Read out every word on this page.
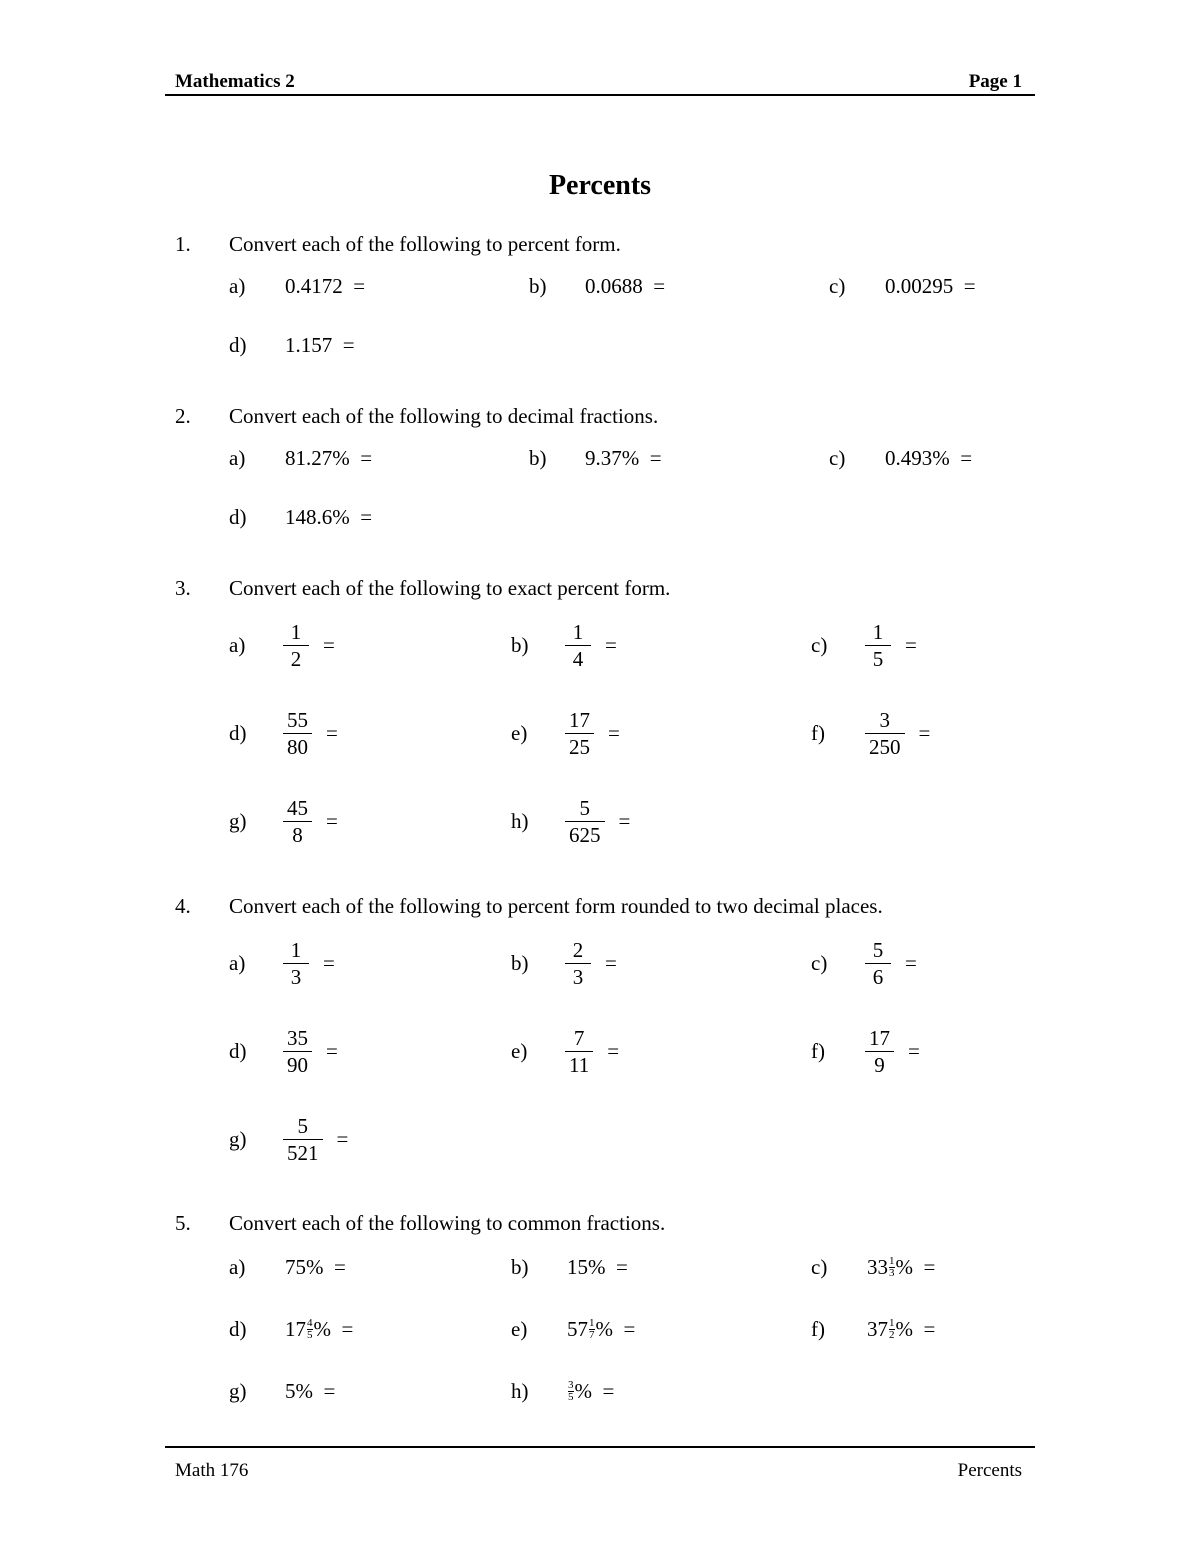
Mathematics 2	Page 1
Percents
1. Convert each of the following to percent form.
a)	0.4172  =	b)	0.0688  =	c)	0.00295  =
d)	1.157  =
2. Convert each of the following to decimal fractions.
a)	81.27%  =	b)	9.37%  =	c)	0.493%  =
d)	148.6%  =
3. Convert each of the following to exact percent form.
a)	$\frac{1}{2}$ =	b)	$\frac{1}{4}$ =	c)	$\frac{1}{5}$ =
d)	$\frac{55}{80}$ =	e)	$\frac{17}{25}$ =	f)	$\frac{3}{250}$ =
g)	$\frac{45}{8}$ =	h)	$\frac{5}{625}$ =
4. Convert each of the following to percent form rounded to two decimal places.
a)	$\frac{1}{3}$ =	b)	$\frac{2}{3}$ =	c)	$\frac{5}{6}$ =
d)	$\frac{35}{90}$ =	e)	$\frac{7}{11}$ =	f)	$\frac{17}{9}$ =
g)	$\frac{5}{521}$ =
5. Convert each of the following to common fractions.
a)	75%  =	b)	15%  =	c)	$33 \frac{1}{3}$ %  =
d)	$17 \frac{4}{5}$ %  =	e)	$57 \frac{1}{7}$ %  =	f)	$37 \frac{1}{2}$ %  =
g)	5%  =	h)	$\frac{3}{5}$ %  =
Math 176	Percents
